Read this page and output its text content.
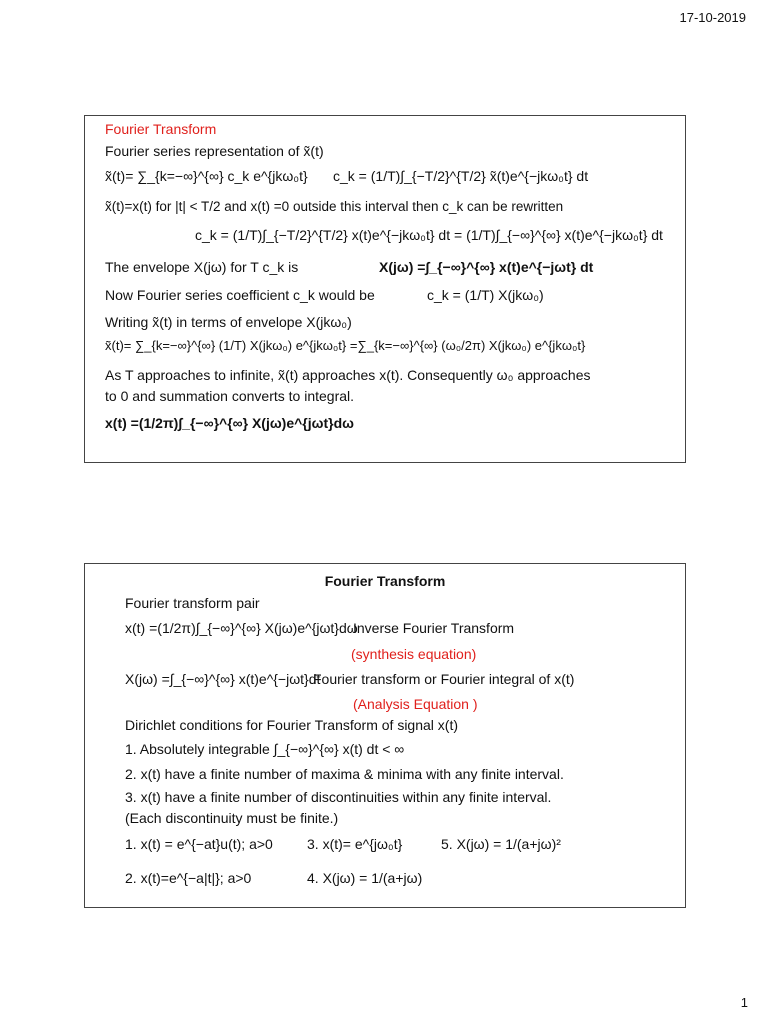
17-10-2019
Fourier Transform
Fourier series representation of x̃(t)
x̃(t)= ∑_{k=−∞}^{∞} c_k e^{jkω₀t} c_k = (1/T)∫_{−T/2}^{T/2} x̃(t)e^{−jkω₀t} dt
x̃(t)=x(t) for |t| < T/2 and x(t) =0 outside this interval then c_k can be rewritten
c_k = (1/T)∫_{−T/2}^{T/2} x(t)e^{−jkω₀t} dt = (1/T)∫_{−∞}^{∞} x(t)e^{−jkω₀t} dt
The envelope X(jω) for T c_k is	X(jω) =∫_{−∞}^{∞} x(t)e^{−jωt} dt
Now Fourier series coefficient c_k would be	c_k = (1/T) X(jkω₀)
Writing x̃(t) in terms of envelope X(jkω₀)
x̃(t)= ∑_{k=−∞}^{∞} (1/T) X(jkω₀) e^{jkω₀t} =∑_{k=−∞}^{∞} (ω₀/2π) X(jkω₀) e^{jkω₀t}
As T approaches to infinite, x̃(t) approaches x(t). Consequently ω₀ approaches
to 0 and summation converts to integral.
x(t) =(1/2π)∫_{−∞}^{∞} X(jω)e^{jωt}dω
Fourier Transform
Fourier transform pair
x(t) =(1/2π)∫_{−∞}^{∞} X(jω)e^{jωt}dω
Inverse Fourier Transform
(synthesis equation)
X(jω) =∫_{−∞}^{∞} x(t)e^{−jωt}dt
Fourier transform or Fourier integral of x(t)
(Analysis Equation )
Dirichlet conditions for Fourier Transform of signal x(t)
1. Absolutely integrable ∫_{−∞}^{∞} x(t) dt < ∞
2. x(t) have a finite number of maxima & minima with any finite interval.
3. x(t) have a finite number of discontinuities within any finite interval.
(Each discontinuity must be finite.)
1. x(t) = e^{−at}u(t); a>0 3. x(t)= e^{jω₀t}	5. X(jω) = 1/(a+jω)²
2. x(t)=e^{−a|t|}; a>0	4. X(jω) = 1/(a+jω)
1
